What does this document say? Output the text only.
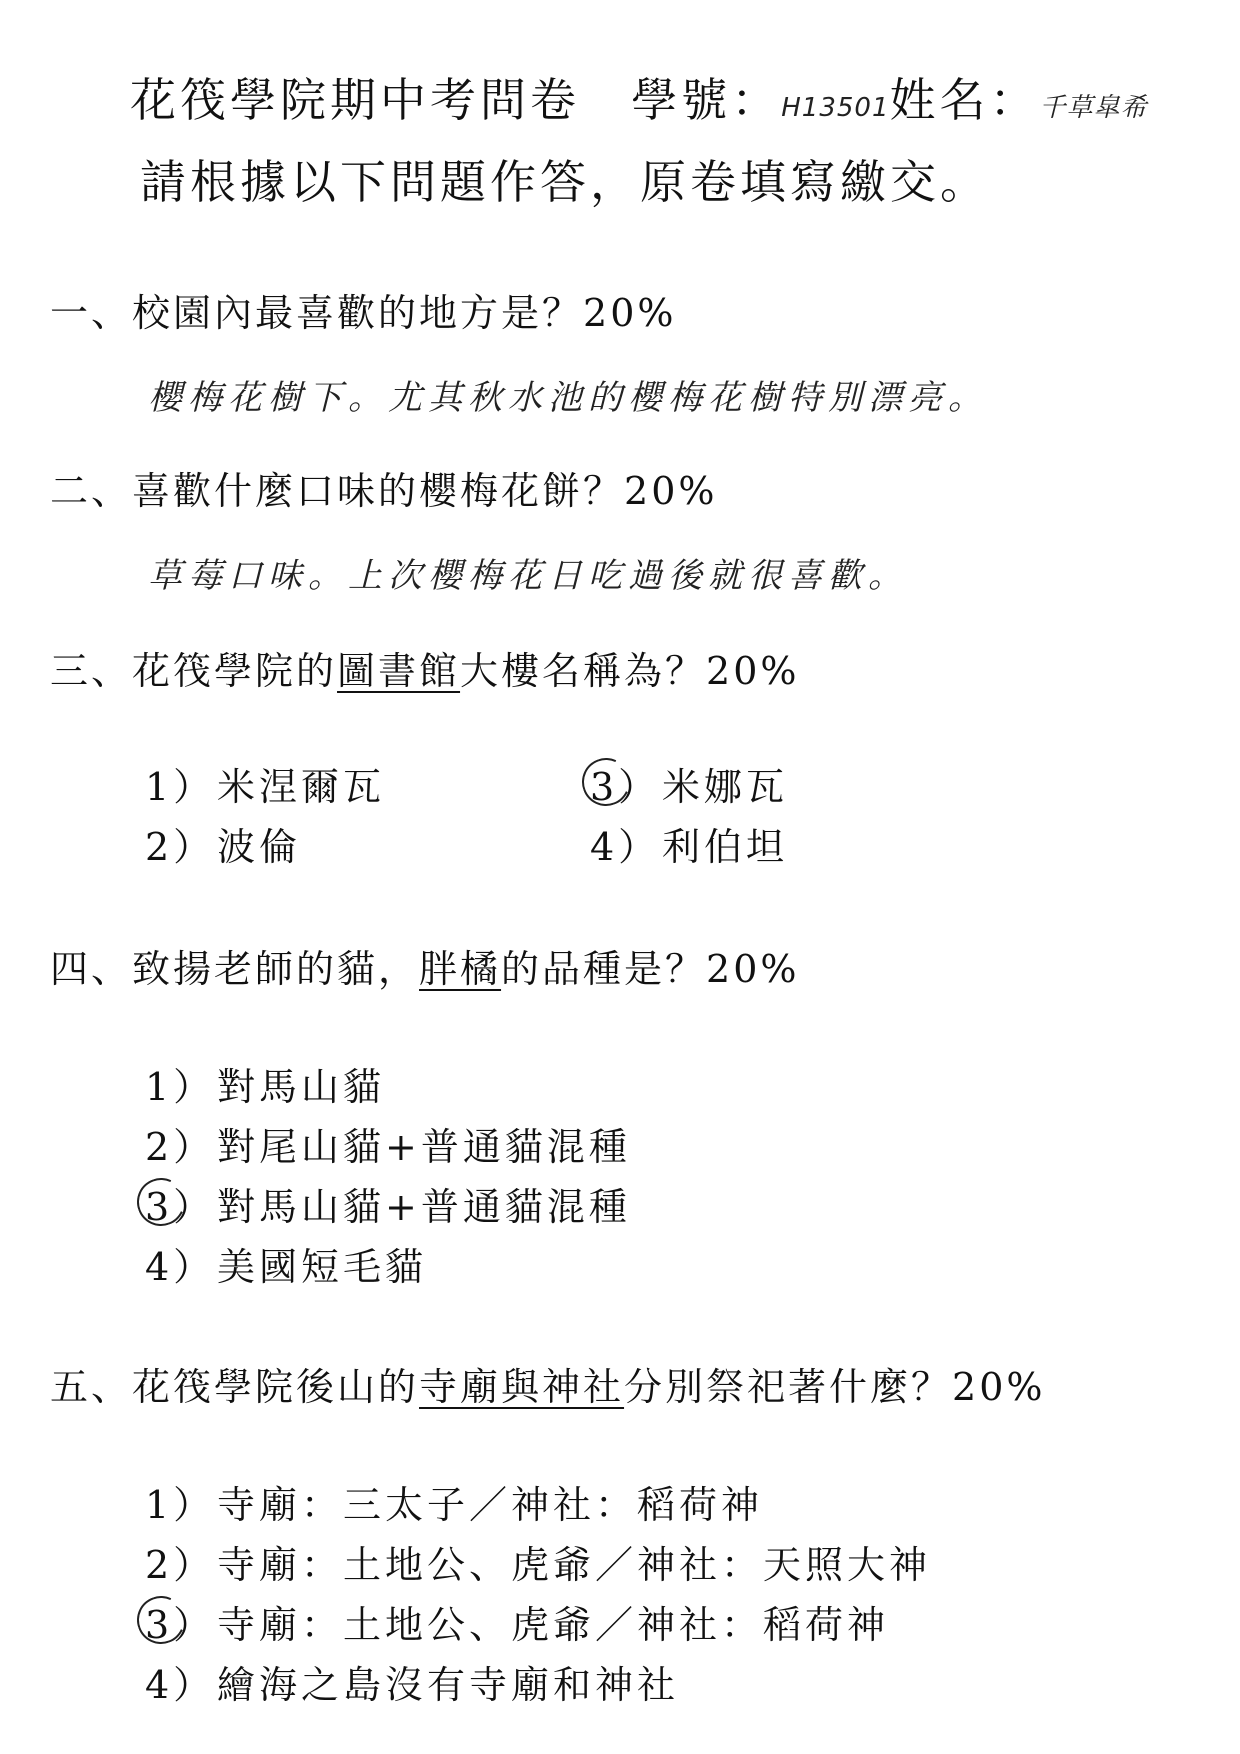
花筏學院期中考問卷 學號：H13501姓名：千草皐希
請根據以下問題作答，原卷填寫繳交。
一、校園內最喜歡的地方是？20%
櫻梅花樹下。尤其秋水池的櫻梅花樹特別漂亮。
二、喜歡什麼口味的櫻梅花餅？20%
草莓口味。上次櫻梅花日吃過後就很喜歡。
三、花筏學院的圖書館大樓名稱為？20%
1）米涅爾瓦
2）波倫
3）米娜瓦
4）利伯坦
四、致揚老師的貓，胖橘的品種是？20%
1）對馬山貓
2）對尾山貓+普通貓混種
3）對馬山貓+普通貓混種
4）美國短毛貓
五、花筏學院後山的寺廟與神社分別祭祀著什麼？20%
1）寺廟：三太子／神社：稻荷神
2）寺廟：土地公、虎爺／神社：天照大神
3）寺廟：土地公、虎爺／神社：稻荷神
4）繪海之島沒有寺廟和神社
